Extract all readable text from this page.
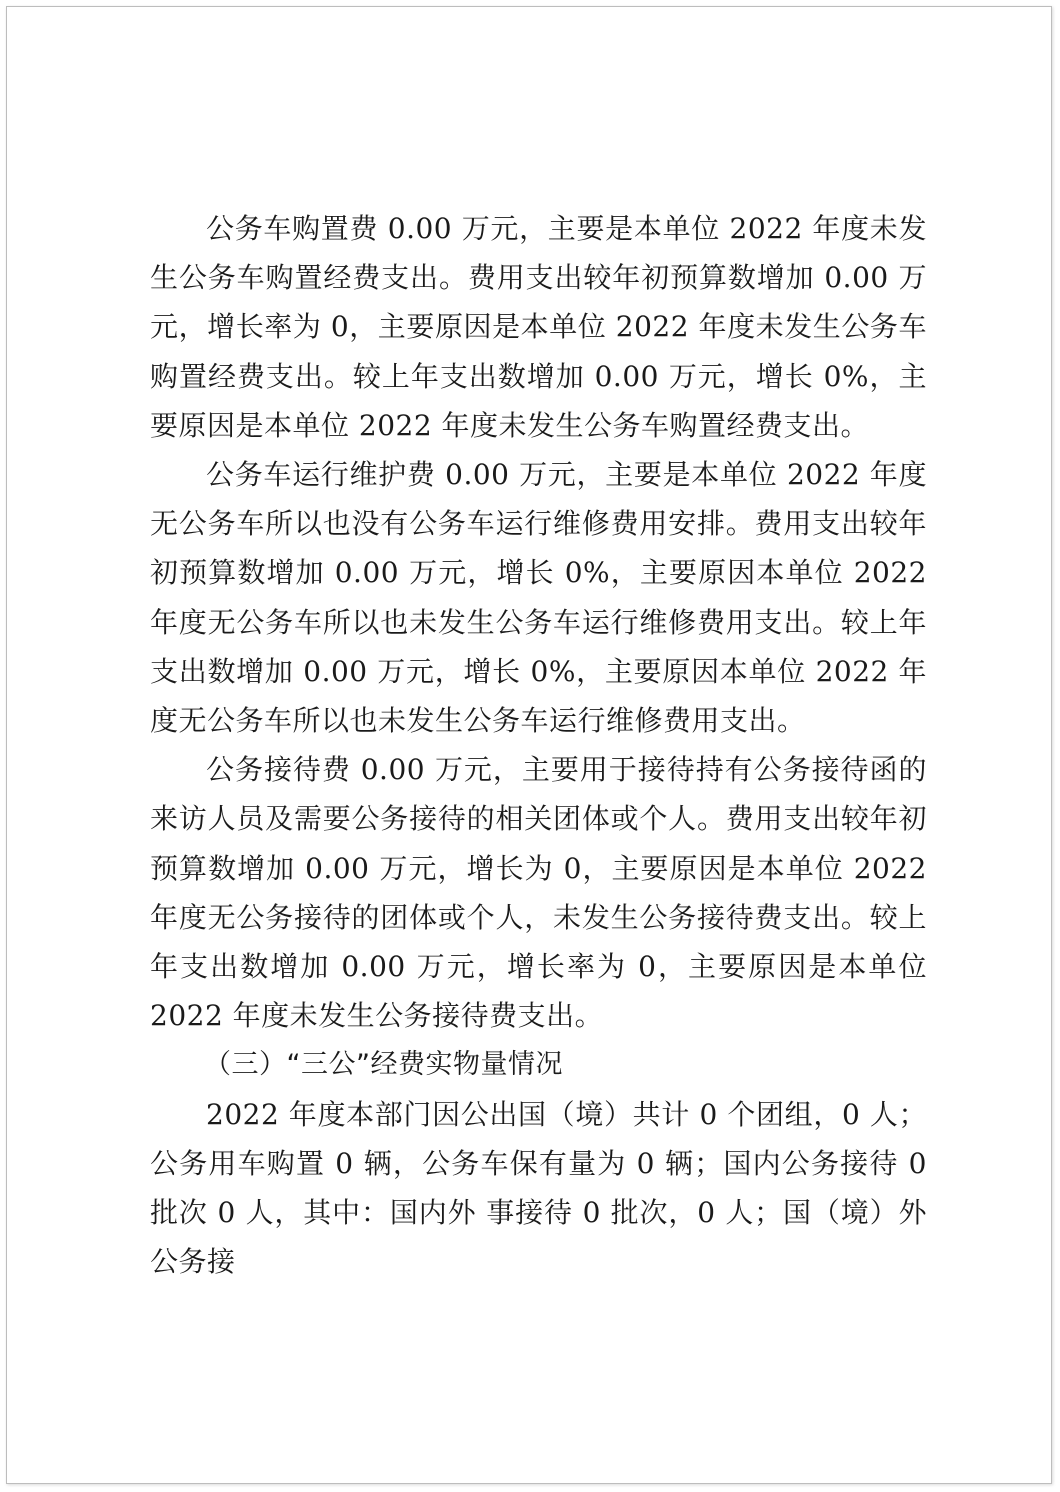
公务车购置费 0.00 万元，主要是本单位 2022 年度未发生公务车购置经费支出。费用支出较年初预算数增加 0.00 万元，增长率为 0，主要原因是本单位 2022 年度未发生公务车购置经费支出。较上年支出数增加 0.00 万元，增长 0%，主要原因是本单位 2022 年度未发生公务车购置经费支出。

公务车运行维护费 0.00 万元，主要是本单位 2022 年度无公务车所以也没有公务车运行维修费用安排。费用支出较年初预算数增加 0.00 万元，增长 0%，主要原因本单位 2022 年度无公务车所以也未发生公务车运行维修费用支出。较上年支出数增加 0.00 万元，增长 0%，主要原因本单位 2022 年度无公务车所以也未发生公务车运行维修费用支出。

公务接待费 0.00 万元，主要用于接待持有公务接待函的来访人员及需要公务接待的相关团体或个人。费用支出较年初预算数增加 0.00 万元，增长为 0，主要原因是本单位 2022 年度无公务接待的团体或个人，未发生公务接待费支出。较上年支出数增加 0.00 万元，增长率为 0，主要原因是本单位 2022 年度未发生公务接待费支出。

（三）“三公”经费实物量情况

2022 年度本部门因公出国（境）共计 0 个团组，0 人；公务用车购置 0 辆，公务车保有量为 0 辆；国内公务接待 0 批次 0 人，其中：国内外 事接待 0 批次，0 人；国（境）外公务接
